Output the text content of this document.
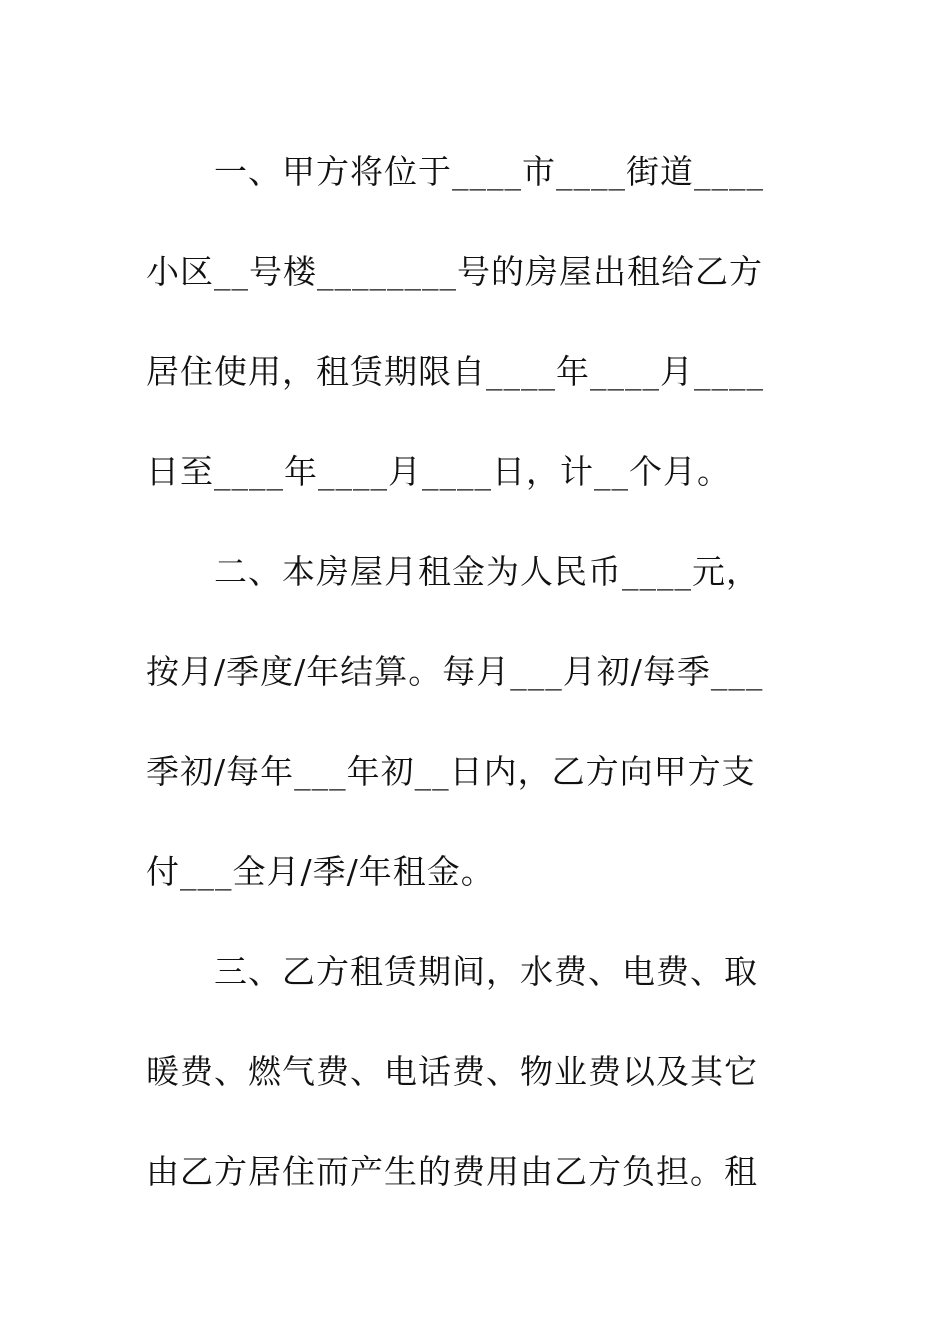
　　一、甲方将位于____市____街道____
小区__号楼________号的房屋出租给乙方
居住使用，租赁期限自____年____月____
日至____年____月____日，计__个月。
　　二、本房屋月租金为人民币____元，
按月/季度/年结算。每月___月初/每季___
季初/每年___年初__日内，乙方向甲方支
付___全月/季/年租金。
　　三、乙方租赁期间，水费、电费、取
暖费、燃气费、电话费、物业费以及其它
由乙方居住而产生的费用由乙方负担。租
